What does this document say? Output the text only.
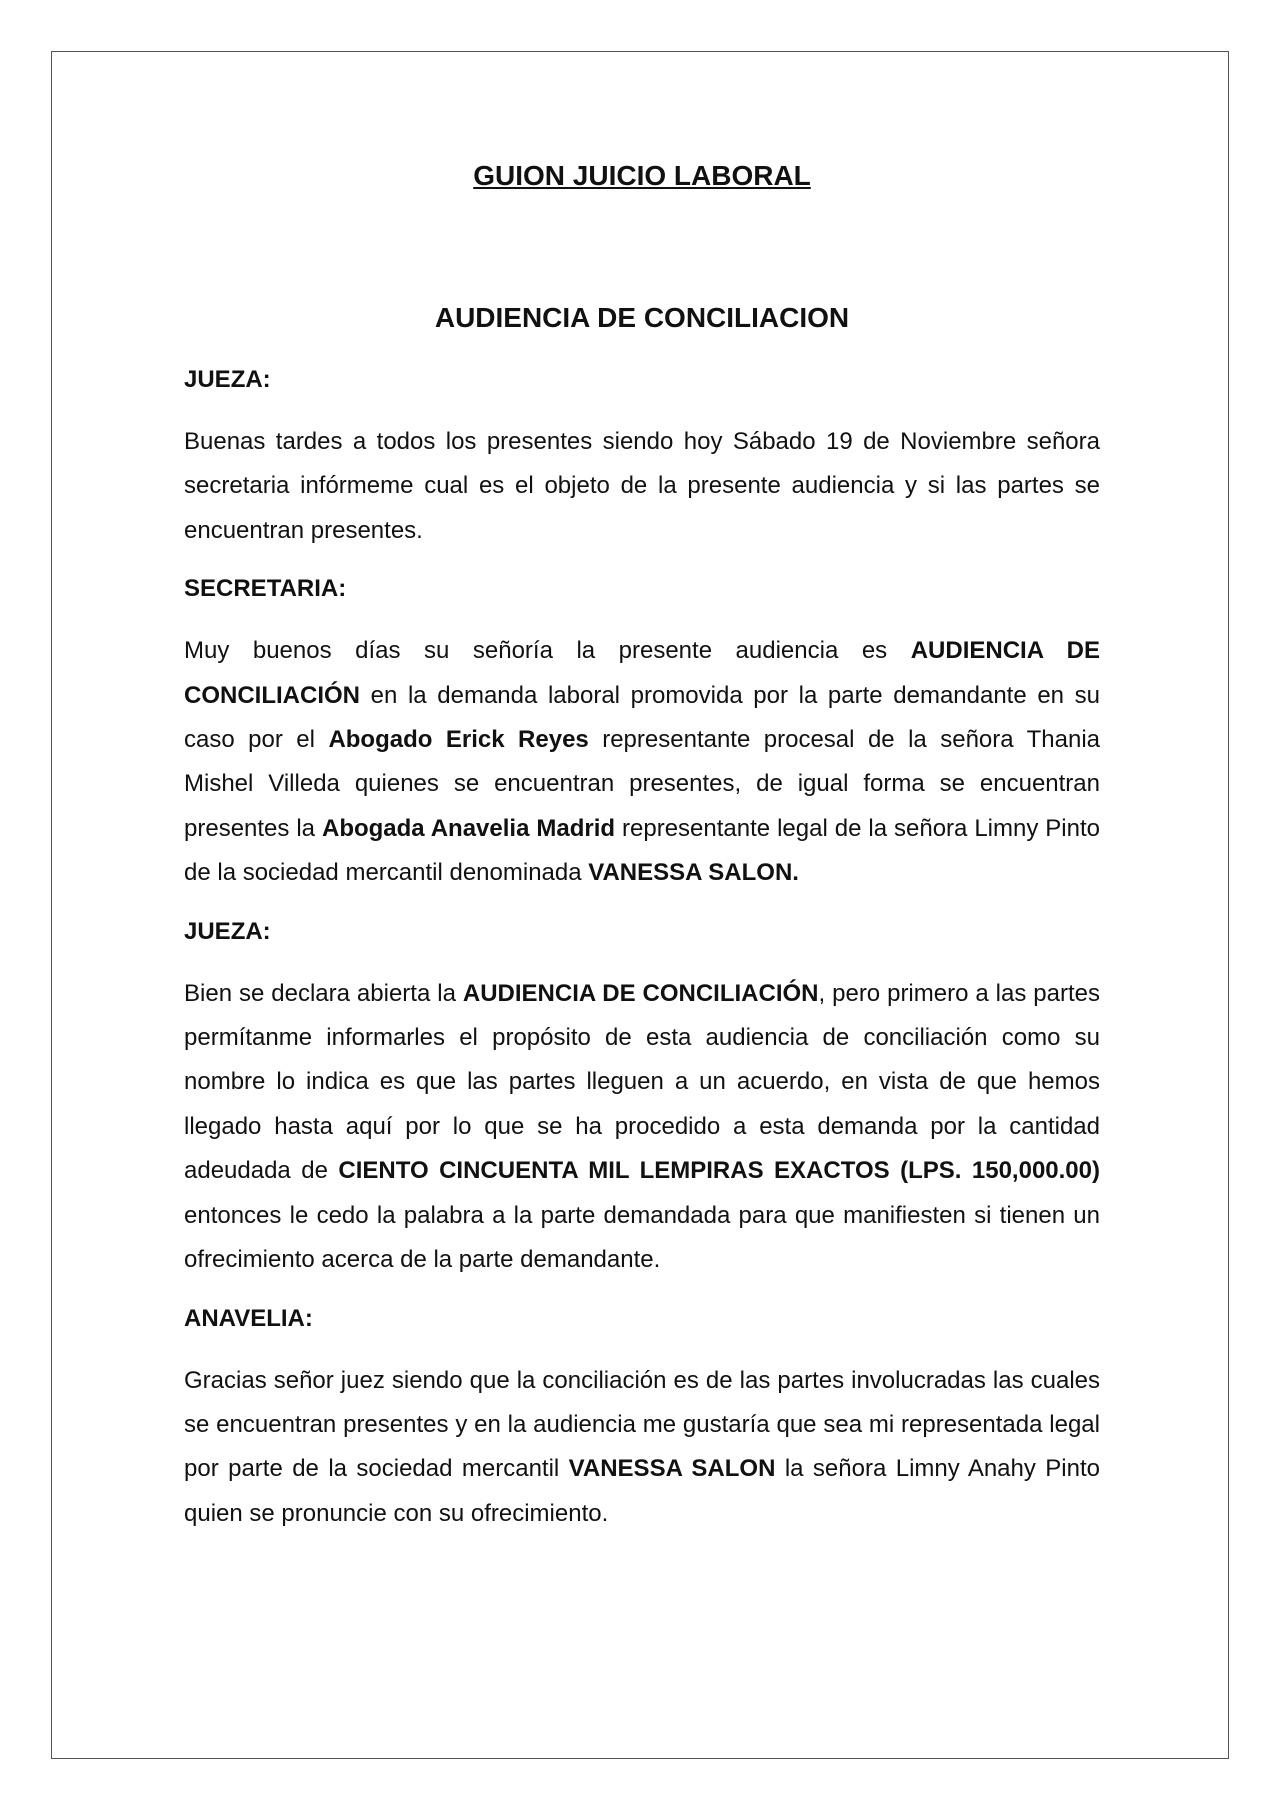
GUION JUICIO LABORAL
AUDIENCIA DE CONCILIACION

JUEZA:

Buenas tardes a todos los presentes siendo hoy Sábado 19 de Noviembre señora secretaria infórmeme cual es el objeto de la presente audiencia y si las partes se encuentran presentes.

SECRETARIA:

Muy buenos días su señoría la presente audiencia es AUDIENCIA DE CONCILIACIÓN en la demanda laboral promovida por la parte demandante en su caso por el Abogado Erick Reyes representante procesal de la señora Thania Mishel Villeda quienes se encuentran presentes, de igual forma se encuentran presentes la Abogada Anavelia Madrid representante legal de la señora Limny Pinto de la sociedad mercantil denominada VANESSA SALON.

JUEZA:

Bien se declara abierta la AUDIENCIA DE CONCILIACIÓN, pero primero a las partes permítanme informarles el propósito de esta audiencia de conciliación como su nombre lo indica es que las partes lleguen a un acuerdo, en vista de que hemos llegado hasta aquí por lo que se ha procedido a esta demanda por la cantidad adeudada de CIENTO CINCUENTA MIL LEMPIRAS EXACTOS (LPS. 150,000.00) entonces le cedo la palabra a la parte demandada para que manifiesten si tienen un ofrecimiento acerca de la parte demandante.

ANAVELIA:

Gracias señor juez siendo que la conciliación es de las partes involucradas las cuales se encuentran presentes y en la audiencia me gustaría que sea mi representada legal por parte de la sociedad mercantil VANESSA SALON la señora Limny Anahy Pinto quien se pronuncie con su ofrecimiento.
